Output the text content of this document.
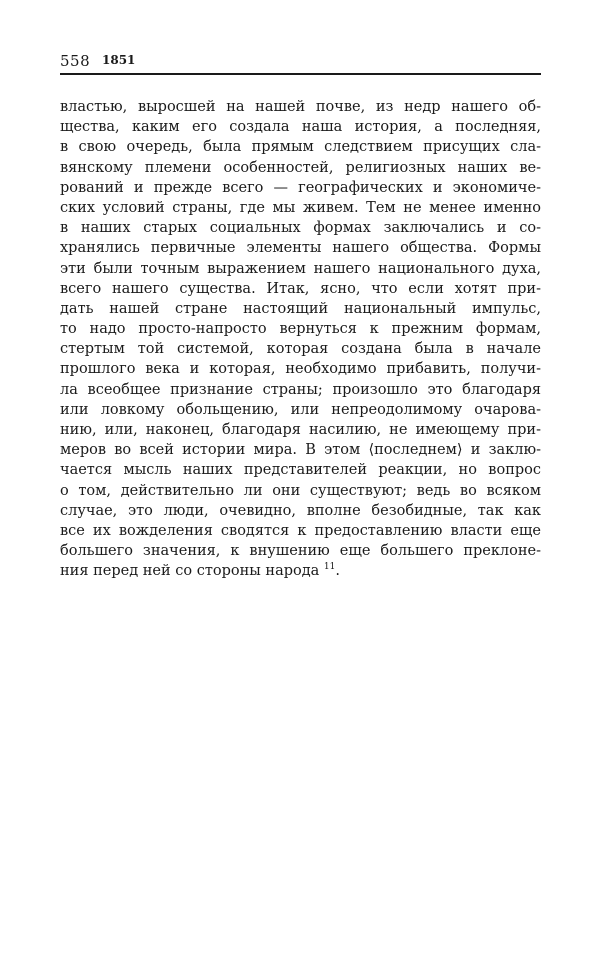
558 1851
властью, выросшей на нашей почве, из недр нашего об-
щества, каким его создала наша история, а последняя,
в свою очередь, была прямым следствием присущих сла-
вянскому племени особенностей, религиозных наших ве-
рований и прежде всего — географических и экономиче-
ских условий страны, где мы живем. Тем не менее именно
в наших старых социальных формах заключались и со-
хранялись первичные элементы нашего общества. Формы
эти были точным выражением нашего национального духа,
всего нашего существа. Итак, ясно, что если хотят при-
дать нашей стране настоящий национальный импульс,
то надо просто-напросто вернуться к прежним формам,
стертым той системой, которая создана была в начале
прошлого века и которая, необходимо прибавить, получи-
ла всеобщее признание страны; произошло это благодаря
или ловкому обольщению, или непреодолимому очарова-
нию, или, наконец, благодаря насилию, не имеющему при-
меров во всей истории мира. В этом ⟨последнем⟩ и заклю-
чается мысль наших представителей реакции, но вопрос
о том, действительно ли они существуют; ведь во всяком
случае, это люди, очевидно, вполне безобидные, так как
все их вожделения сводятся к предоставлению власти еще
большего значения, к внушению еще большего преклоне-
ния перед ней со стороны народа $^{11}$.
